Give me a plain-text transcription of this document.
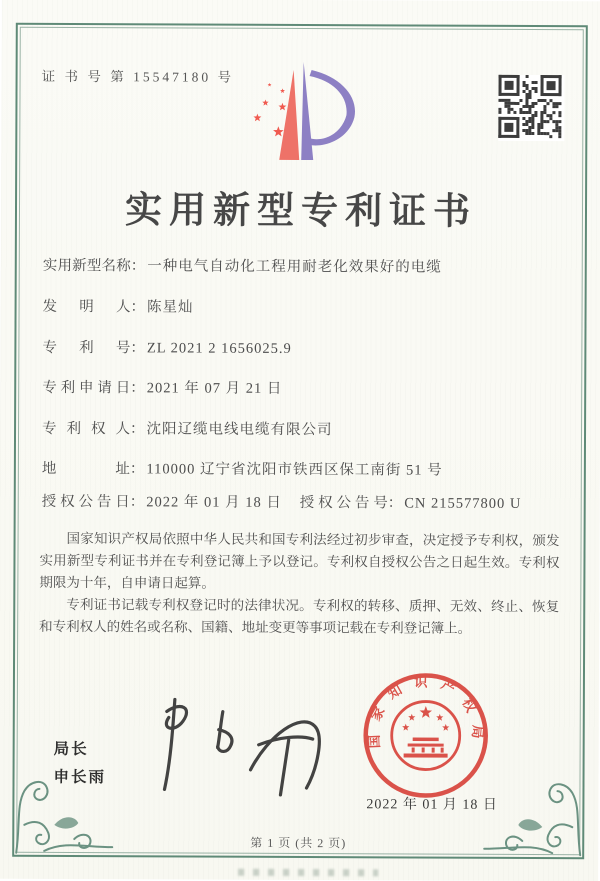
证 书 号 第 15547180 号
实用新型专利证书
实用新型名称： 一种电气自动化工程用耐老化效果好的电缆
发明人： 陈星灿
专利号： ZL 2021 2 1656025.9
专利申请日： 2021 年 07 月 21 日
专利权人： 沈阳辽缆电线电缆有限公司
地址： 110000 辽宁省沈阳市铁西区保工南街 51 号
授权公告日： 2022 年 01 月 18 日 授权公告号： CN 215577800 U

国家知识产权局依照中华人民共和国专利法经过初步审查，决定授予专利权，颁发实用新型专利证书并在专利登记簿上予以登记。专利权自授权公告之日起生效。专利权期限为十年，自申请日起算。

专利证书记载专利权登记时的法律状况。专利权的转移、质押、无效、终止、恢复和专利权人的姓名或名称、国籍、地址变更等事项记载在专利登记簿上。

局长
申长雨
2022 年 01 月 18 日
国家知识产权局
第 1 页 (共 2 页)
